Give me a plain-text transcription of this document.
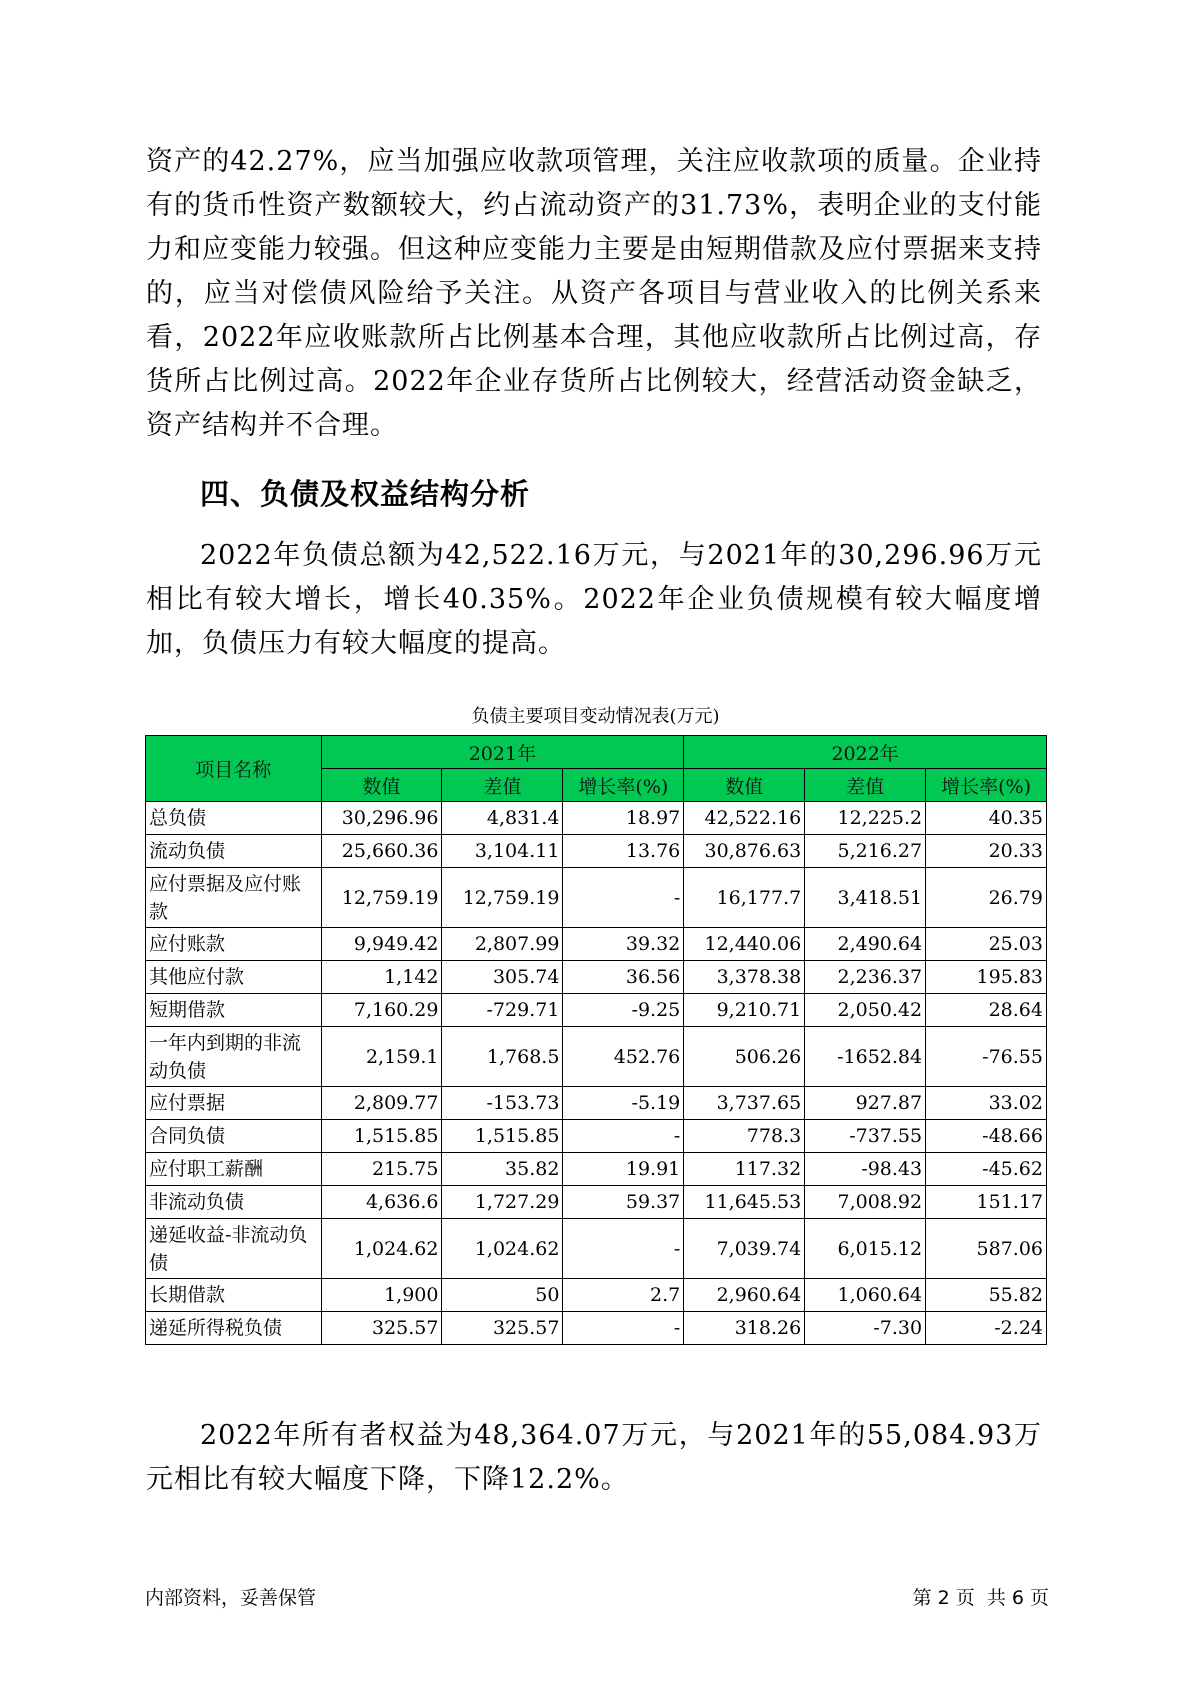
资产的42.27%，应当加强应收款项管理，关注应收款项的质量。企业持有的货币性资产数额较大，约占流动资产的31.73%，表明企业的支付能力和应变能力较强。但这种应变能力主要是由短期借款及应付票据来支持的，应当对偿债风险给予关注。从资产各项目与营业收入的比例关系来看，2022年应收账款所占比例基本合理，其他应收款所占比例过高，存货所占比例过高。2022年企业存货所占比例较大，经营活动资金缺乏，资产结构并不合理。

四、负债及权益结构分析

2022年负债总额为42,522.16万元，与2021年的30,296.96万元相比有较大增长，增长40.35%。2022年企业负债规模有较大幅度增加，负债压力有较大幅度的提高。

负债主要项目变动情况表(万元)
项目名称	2021年			2022年		
	数值	差值	增长率(%)	数值	差值	增长率(%)
总负债	30,296.96	4,831.4	18.97	42,522.16	12,225.2	40.35
流动负债	25,660.36	3,104.11	13.76	30,876.63	5,216.27	20.33
应付票据及应付账款	12,759.19	12,759.19	-	16,177.7	3,418.51	26.79
应付账款	9,949.42	2,807.99	39.32	12,440.06	2,490.64	25.03
其他应付款	1,142	305.74	36.56	3,378.38	2,236.37	195.83
短期借款	7,160.29	-729.71	-9.25	9,210.71	2,050.42	28.64
一年内到期的非流动负债	2,159.1	1,768.5	452.76	506.26	-1652.84	-76.55
应付票据	2,809.77	-153.73	-5.19	3,737.65	927.87	33.02
合同负债	1,515.85	1,515.85	-	778.3	-737.55	-48.66
应付职工薪酬	215.75	35.82	19.91	117.32	-98.43	-45.62
非流动负债	4,636.6	1,727.29	59.37	11,645.53	7,008.92	151.17
递延收益-非流动负债	1,024.62	1,024.62	-	7,039.74	6,015.12	587.06
长期借款	1,900	50	2.7	2,960.64	1,060.64	55.82
递延所得税负债	325.57	325.57	-	318.26	-7.30	-2.24

2022年所有者权益为48,364.07万元，与2021年的55,084.93万元相比有较大幅度下降，下降12.2%。

内部资料，妥善保管	第 2 页  共 6 页
